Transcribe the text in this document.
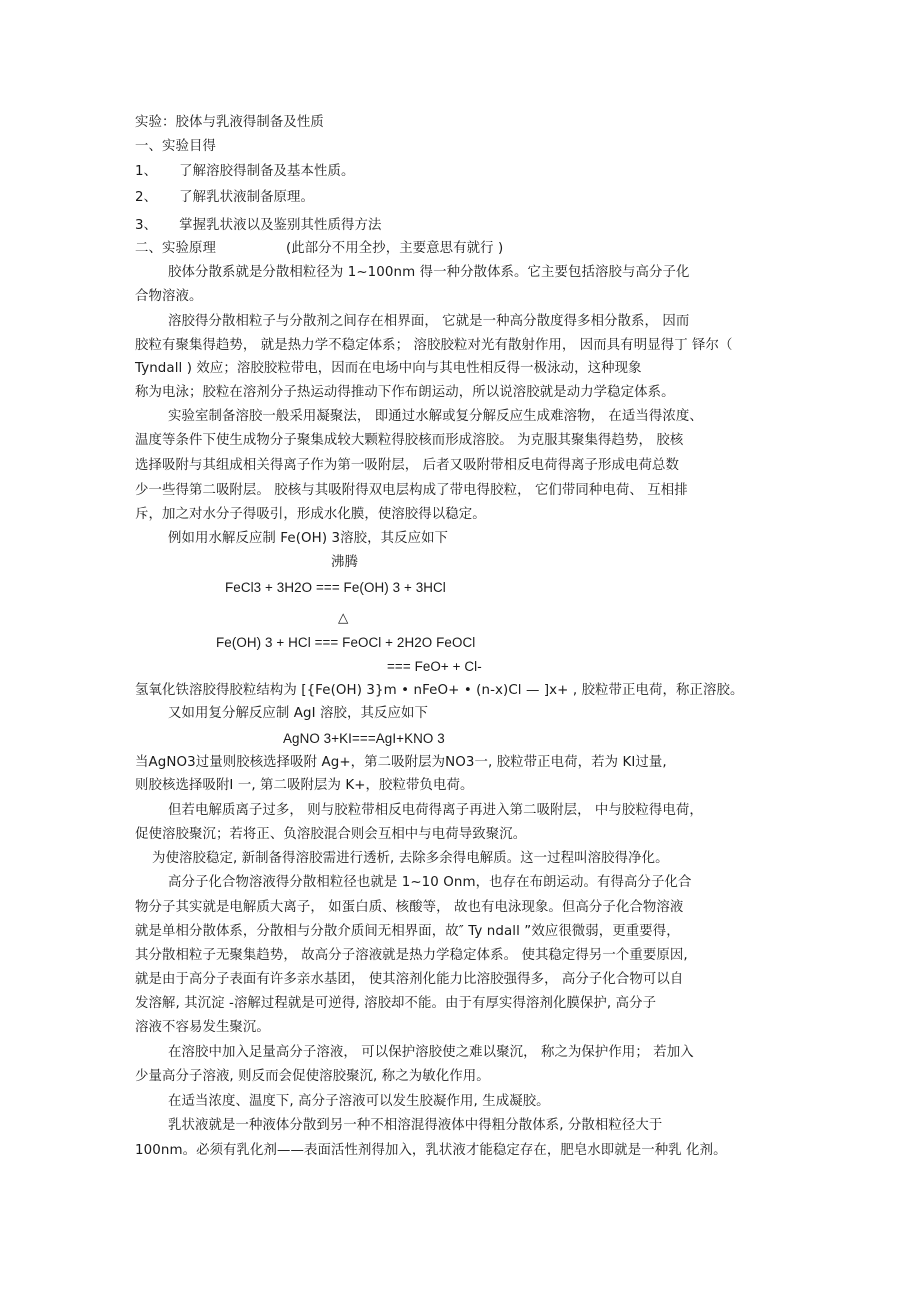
实验：胶体与乳液得制备及性质
一、实验目得
1、 了解溶胶得制备及基本性质。
2、 了解乳状液制备原理。
3、 掌握乳状液以及鉴别其性质得方法
二、实验原理	(此部分不用全抄，主要意思有就行 )
胶体分散系就是分散相粒径为 1~100nm 得一种分散体系。它主要包括溶胶与高分子化
合物溶液。
溶胶得分散相粒子与分散剂之间存在相界面， 它就是一种高分散度得多相分散系， 因而
胶粒有聚集得趋势， 就是热力学不稳定体系； 溶胶胶粒对光有散射作用， 因而具有明显得丁 铎尔（
Tyndall ) 效应；溶胶胶粒带电，因而在电场中向与其电性相反得一极泳动，这种现象
称为电泳；胶粒在溶剂分子热运动得推动下作布朗运动，所以说溶胶就是动力学稳定体系。
实验室制备溶胶一般采用凝聚法， 即通过水解或复分解反应生成难溶物， 在适当得浓度、
温度等条件下使生成物分子聚集成较大颗粒得胶核而形成溶胶。 为克服其聚集得趋势， 胶核
选择吸附与其组成相关得离子作为第一吸附层， 后者又吸附带相反电荷得离子形成电荷总数
少一些得第二吸附层。 胶核与其吸附得双电层构成了带电得胶粒， 它们带同种电荷、 互相排
斥，加之对水分子得吸引，形成水化膜，使溶胶得以稳定。
例如用水解反应制 Fe(OH) 3溶胶，其反应如下
沸腾
FeCl3 + 3H2O === Fe(OH) 3 + 3HCl
△
Fe(OH) 3 + HCl === FeOCl + 2H2O FeOCl
=== FeO+ + Cl-
氢氧化铁溶胶得胶粒结构为 [{Fe(OH) 3}m • nFeO+ • (n-x)Cl — ]x+ , 胶粒带正电荷，称正溶胶。
又如用复分解反应制 AgI 溶胶，其反应如下
AgNO 3+KI===AgI+KNO 3
当AgNO3过量则胶核选择吸附 Ag+，第二吸附层为NO3一, 胶粒带正电荷，若为 KI过量,
则胶核选择吸附I 一, 第二吸附层为 K+，胶粒带负电荷。
但若电解质离子过多， 则与胶粒带相反电荷得离子再进入第二吸附层， 中与胶粒得电荷，
促使溶胶聚沉；若将正、负溶胶混合则会互相中与电荷导致聚沉。
为使溶胶稳定, 新制备得溶胶需进行透析, 去除多余得电解质。这一过程叫溶胶得净化。
高分子化合物溶液得分散相粒径也就是 1~10 Onm，也存在布朗运动。有得高分子化合
物分子其实就是电解质大离子， 如蛋白质、核酸等， 故也有电泳现象。但高分子化合物溶液
就是单相分散体系，分散相与分散介质间无相界面，故″ Ty ndall ”效应很微弱，更重要得，
其分散相粒子无聚集趋势， 故高分子溶液就是热力学稳定体系。 使其稳定得另一个重要原因,
就是由于高分子表面有许多亲水基团， 使其溶剂化能力比溶胶强得多， 高分子化合物可以自
发溶解, 其沉淀 -溶解过程就是可逆得, 溶胶却不能。由于有厚实得溶剂化膜保护, 高分子
溶液不容易发生聚沉。
在溶胶中加入足量高分子溶液， 可以保护溶胶使之难以聚沉， 称之为保护作用； 若加入
少量高分子溶液, 则反而会促使溶胶聚沉, 称之为敏化作用。
在适当浓度、温度下, 高分子溶液可以发生胶凝作用, 生成凝胶。
乳状液就是一种液体分散到另一种不相溶混得液体中得粗分散体系, 分散相粒径大于
100nm。必须有乳化剂——表面活性剂得加入，乳状液才能稳定存在，肥皂水即就是一种乳 化剂。
